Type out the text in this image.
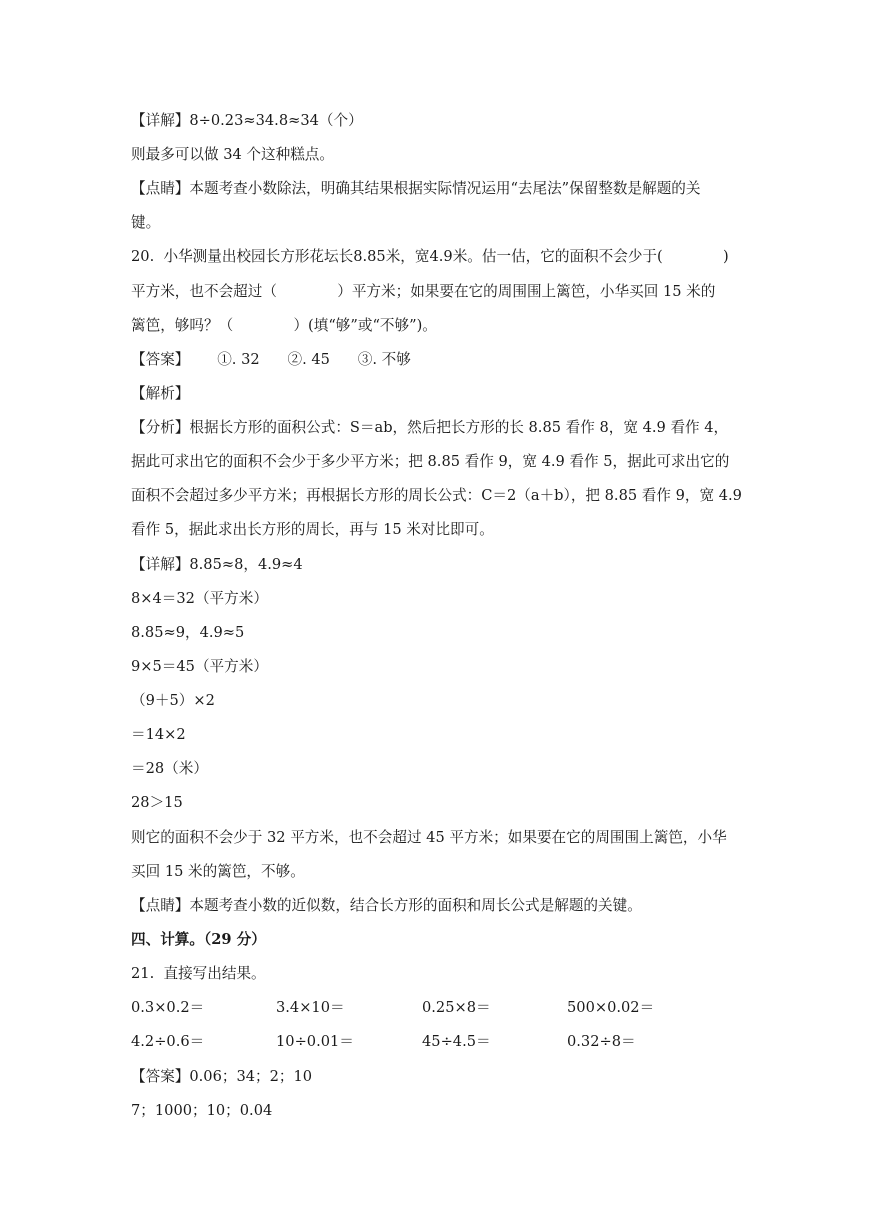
【详解】8÷0.23≈34.8≈34（个）
则最多可以做 34 个这种糕点。
【点睛】本题考查小数除法，明确其结果根据实际情况运用“去尾法”保留整数是解题的关
键。
20.  小华测量出校园长方形花坛长8.85米，宽4.9米。估一估，它的面积不会少于(             )
平方米，也不会超过（             ）平方米；如果要在它的周围围上篱笆，小华买回 15 米的
篱笆，够吗？（             ）(填“够”或“不够”)。
【答案】      ①. 32      ②. 45      ③. 不够
【解析】
【分析】根据长方形的面积公式：S＝ab，然后把长方形的长 8.85 看作 8，宽 4.9 看作 4，
据此可求出它的面积不会少于多少平方米；把 8.85 看作 9，宽 4.9 看作 5，据此可求出它的
面积不会超过多少平方米；再根据长方形的周长公式：C＝2（a＋b），把 8.85 看作 9，宽 4.9
看作 5，据此求出长方形的周长，再与 15 米对比即可。
【详解】8.85≈8，4.9≈4
8×4＝32（平方米）
8.85≈9，4.9≈5
9×5＝45（平方米）
（9＋5）×2
＝14×2
＝28（米）
28＞15
则它的面积不会少于 32 平方米，也不会超过 45 平方米；如果要在它的周围围上篱笆，小华
买回 15 米的篱笆，不够。
【点睛】本题考查小数的近似数，结合长方形的面积和周长公式是解题的关键。
四、计算。（29 分）
21.  直接写出结果。
0.3×0.2＝	3.4×10＝	0.25×8＝	500×0.02＝
4.2÷0.6＝	10÷0.01＝	45÷4.5＝	0.32÷8＝
【答案】0.06；34；2；10
7；1000；10；0.04
